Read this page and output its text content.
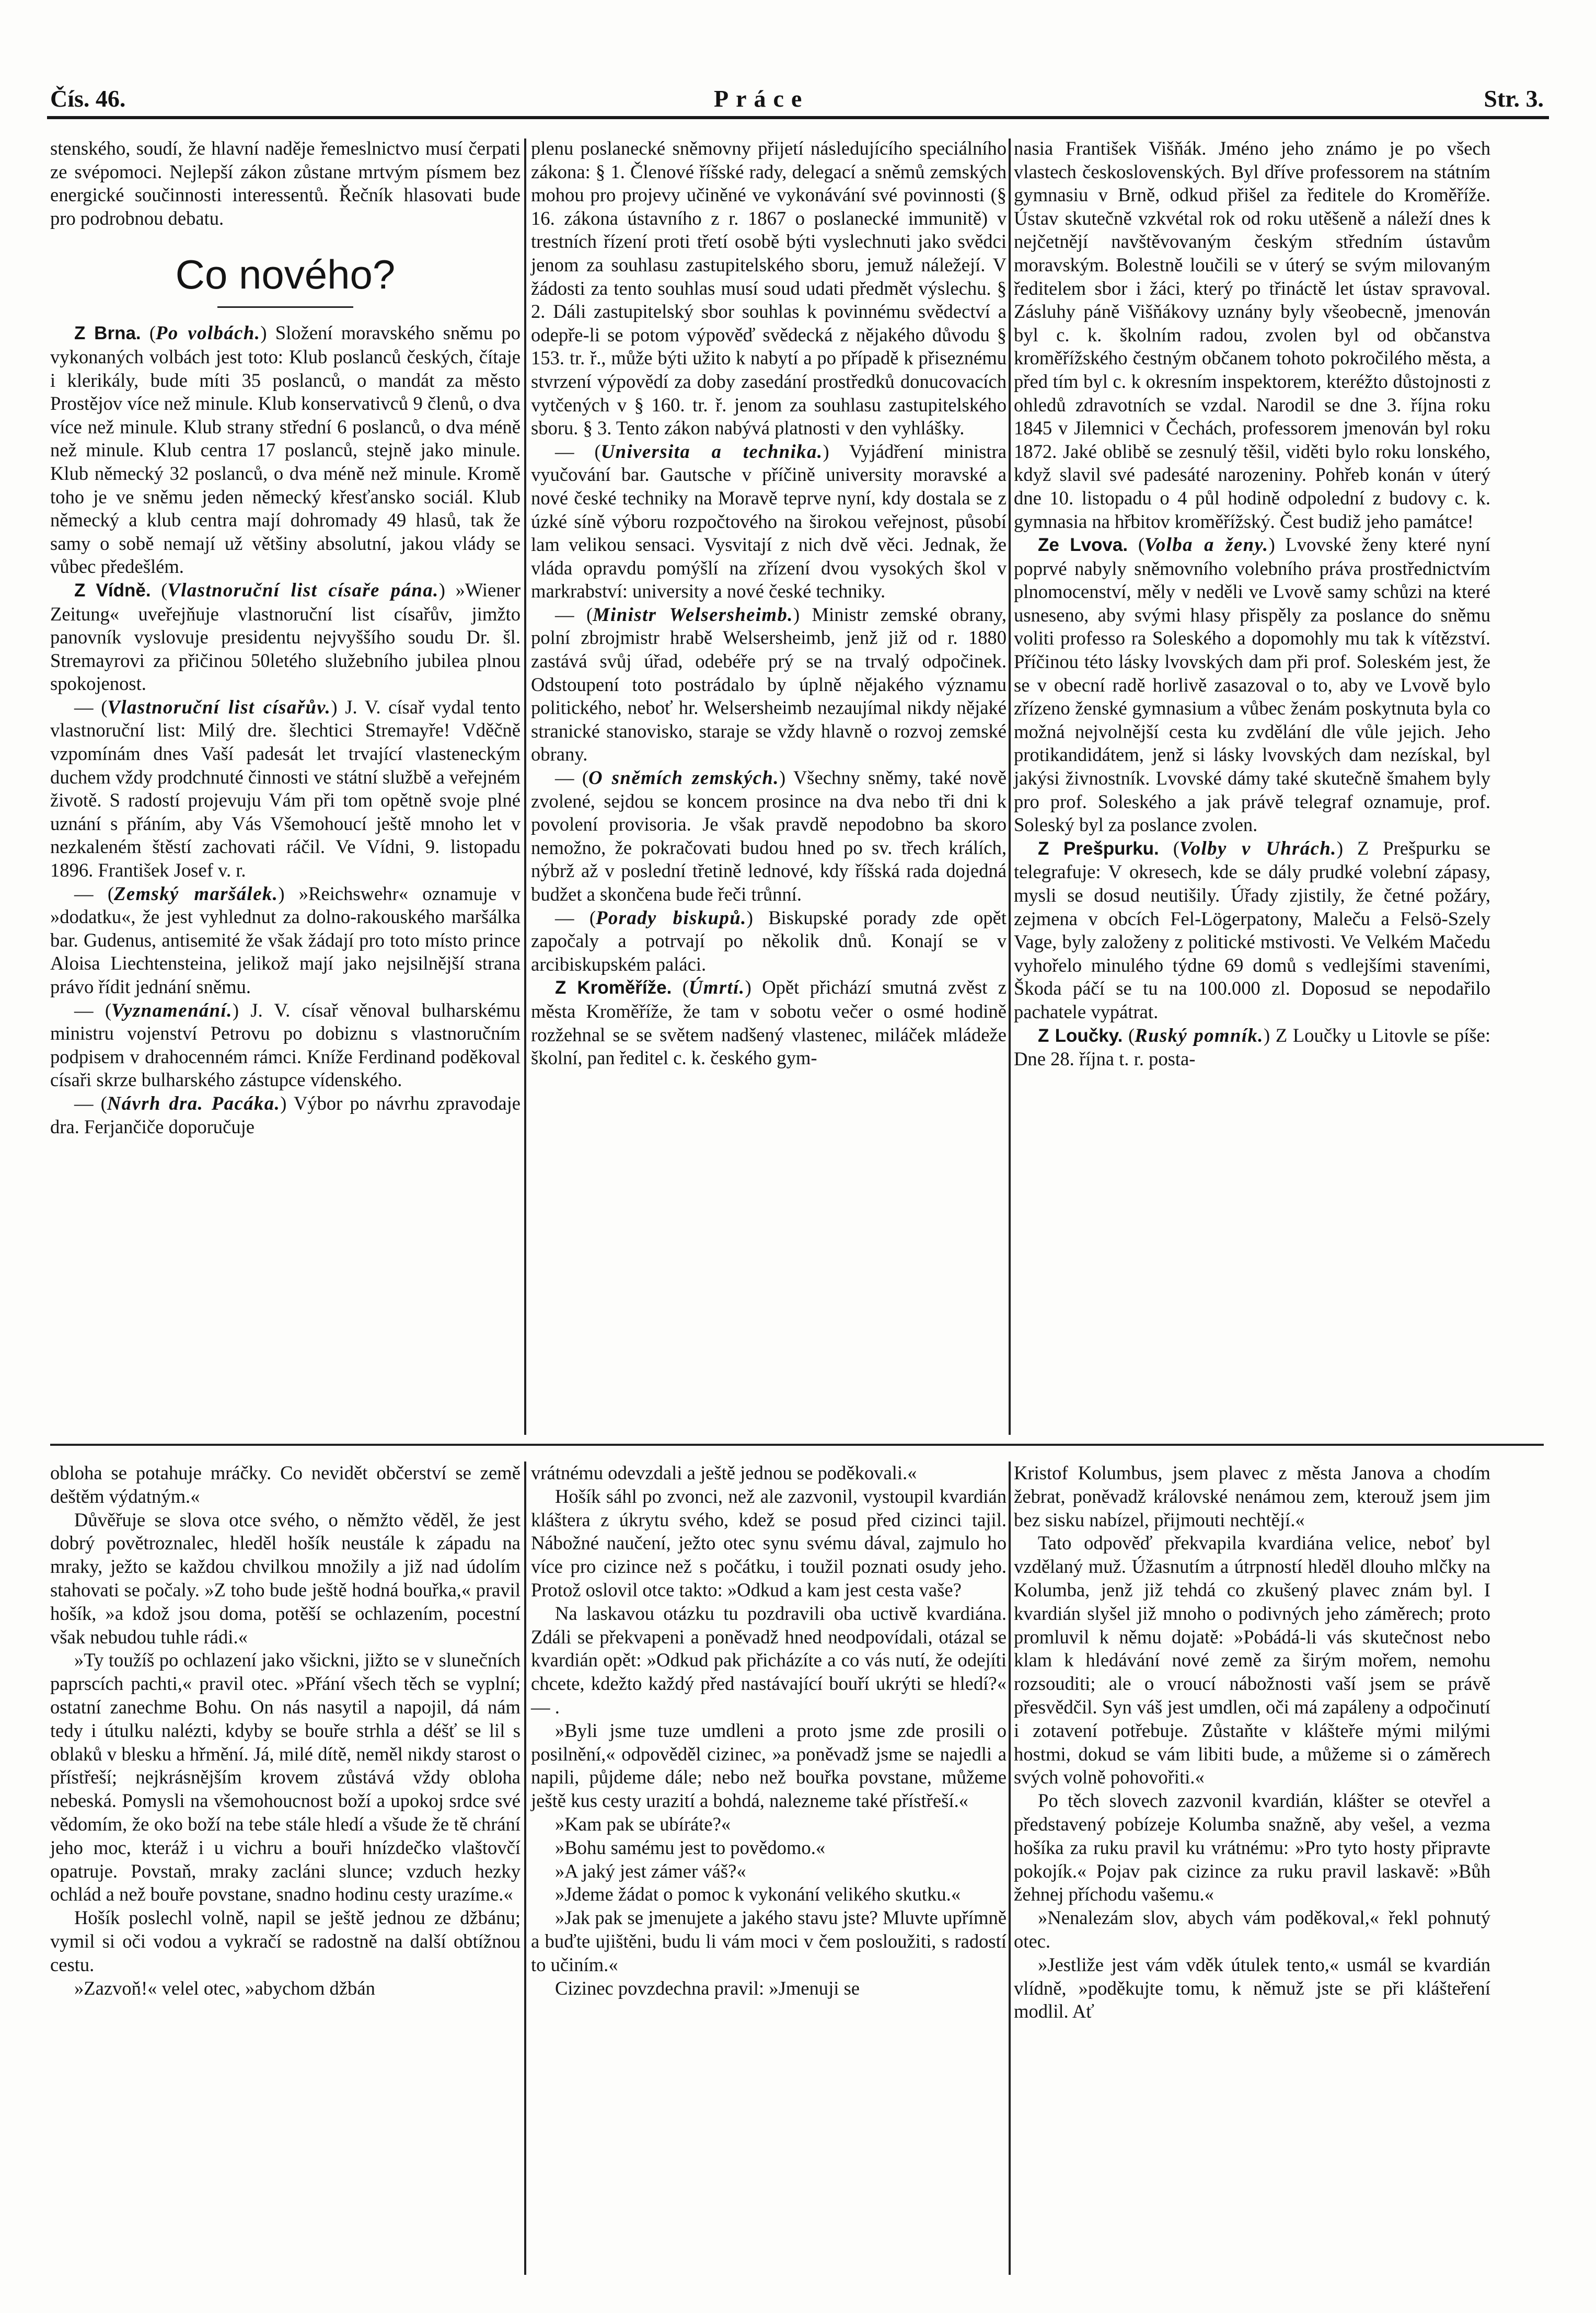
Čís. 46.	Práce	Str. 3.

stenského, soudí, že hlavní naděje řemeslnictvo musí čerpati ze svépomoci. Nejlepší zákon zůstane mrtvým písmem bez energické součinnosti interessentů. Řečník hlasovati bude pro podrobnou debatu.

Co nového?

Z Brna. (Po volbách.) Složení moravského sněmu po vykonaných volbách jest toto: Klub poslanců českých, čítaje i klerikály, bude míti 35 poslanců, o mandát za město Prostějov více než minule. Klub konservativců 9 členů, o dva více než minule. Klub strany střední 6 poslanců, o dva méně než minule. Klub centra 17 poslanců, stejně jako minule. Klub německý 32 poslanců, o dva méně než minule. Kromě toho je ve sněmu jeden německý křesťansko sociál. Klub německý a klub centra mají dohromady 49 hlasů, tak že samy o sobě nemají už většiny absolutní, jakou vlády se vůbec předešlém.

Z Vídně. (Vlastnoruční list císaře pána.) »Wiener Zeitung« uveřejňuje vlastnoruční list císařův, jimžto panovník vyslovuje presidentu nejvyššího soudu Dr. šl. Stremayrovi za přičinou 50letého služebního jubilea plnou spokojenost.

— (Vlastnoruční list císařův.) J. V. císař vydal tento vlastnoruční list: Milý dre. šlechtici Stremayře! Vděčně vzpomínám dnes Vaší padesát let trvající vlasteneckým duchem vždy prodchnuté činnosti ve státní službě a veřejném životě. S radostí projevuju Vám při tom opětně svoje plné uznání s přáním, aby Vás Všemohoucí ještě mnoho let v nezkaleném štěstí zachovati ráčil. Ve Vídni, 9. listopadu 1896. František Josef v. r.

— (Zemský maršálek.) »Reichswehr« oznamuje v »dodatku«, že jest vyhlednut za dolno-rakouského maršálka bar. Gudenus, antisemité že však žádají pro toto místo prince Aloisa Liechtensteina, jelikož mají jako nejsilnější strana právo řídit jednání sněmu.

— (Vyznamenání.) J. V. císař věnoval bulharskému ministru vojenství Petrovu po dobiznu s vlastnoručním podpisem v drahocenném rámci. Kníže Ferdinand poděkoval císaři skrze bulharského zástupce vídenského.

— (Návrh dra. Pacáka.) Výbor po návrhu zpravodaje dra. Ferjančiče doporučuje

plenu poslanecké sněmovny přijetí následujícího speciálního zákona: § 1. Členové říšské rady, delegací a sněmů zemských mohou pro projevy učiněné ve vykonávání své povinnosti (§ 16. zákona ústavního z r. 1867 o poslanecké immunitě) v trestních řízení proti třetí osobě býti vyslechnuti jako svědci jenom za souhlasu zastupitelského sboru, jemuž náležejí. V žádosti za tento souhlas musí soud udati předmět výslechu. § 2. Dáli zastupitelský sbor souhlas k povinnému svědectví a odepře-li se potom výpověď svědecká z nějakého důvodu § 153. tr. ř., může býti užito k nabytí a po případě k přiseznému stvrzení výpovědí za doby zasedání prostředků donucovacích vytčených v § 160. tr. ř. jenom za souhlasu zastupitelského sboru. § 3. Tento zákon nabývá platnosti v den vyhlášky.

— (Universita a technika.) Vyjádření ministra vyučování bar. Gautsche v příčině university moravské a nové české techniky na Moravě teprve nyní, kdy dostala se z úzké síně výboru rozpočtového na širokou veřejnost, působí lam velikou sensaci. Vysvitají z nich dvě věci. Jednak, že vláda opravdu pomýšlí na zřízení dvou vysokých škol v markrabství: university a nové české techniky.

— (Ministr Welsersheimb.) Ministr zemské obrany, polní zbrojmistr hrabě Welsersheimb, jenž již od r. 1880 zastává svůj úřad, odebéře prý se na trvalý odpočinek. Odstoupení toto postrádalo by úplně nějakého významu politického, neboť hr. Welsersheimb nezaujímal nikdy nějaké stranické stanovisko, staraje se vždy hlavně o rozvoj zemské obrany.

— (O sněmích zemských.) Všechny sněmy, také nově zvolené, sejdou se koncem prosince na dva nebo tři dni k povolení provisoria. Je však pravdě nepodobno ba skoro nemožno, že pokračovati budou hned po sv. třech králích, nýbrž až v poslední třetině lednové, kdy říšská rada dojedná budžet a skončena bude řeči trůnní.

— (Porady biskupů.) Biskupské porady zde opět započaly a potrvají po několik dnů. Konají se v arcibiskupském paláci.

Z Kroměříže. (Úmrtí.) Opět přichází smutná zvěst z města Kroměříže, že tam v sobotu večer o osmé hodině rozžehnal se se světem nadšený vlastenec, miláček mládeže školní, pan ředitel c. k. českého gym-

nasia František Višňák. Jméno jeho známo je po všech vlastech československých. Byl dříve professorem na státním gymnasiu v Brně, odkud přišel za ředitele do Kroměříže. Ústav skutečně vzkvétal rok od roku utěšeně a náleží dnes k nejčetnějí navštěvovaným českým středním ústavům moravským. Bolestně loučili se v úterý se svým milovaným ředitelem sbor i žáci, který po třináctě let ústav spravoval. Zásluhy páně Višňákovy uznány byly všeobecně, jmenován byl c. k. školním radou, zvolen byl od občanstva kroměřížského čestným občanem tohoto pokročilého města, a před tím byl c. k okresním inspektorem, kteréžto důstojnosti z ohledů zdravotních se vzdal. Narodil se dne 3. října roku 1845 v Jilemnici v Čechách, professorem jmenován byl roku 1872. Jaké oblibě se zesnulý těšil, viděti bylo roku lonského, když slavil své padesáté narozeniny. Pohřeb konán v úterý dne 10. listopadu o 4 půl hodině odpolední z budovy c. k. gymnasia na hřbitov kroměřížský. Čest budiž jeho památce!

Ze Lvova. (Volba a ženy.) Lvovské ženy které nyní poprvé nabyly sněmovního volebního práva prostřednictvím plnomocenství, měly v neděli ve Lvově samy schůzi na které usneseno, aby svými hlasy přispěly za poslance do sněmu voliti professo ra Soleského a dopomohly mu tak k vítězství. Příčinou této lásky lvovských dam při prof. Soleském jest, že se v obecní radě horlivě zasazoval o to, aby ve Lvově bylo zřízeno ženské gymnasium a vůbec ženám poskytnuta byla co možná nejvolnější cesta ku zvdělání dle vůle jejich. Jeho protikandidátem, jenž si lásky lvovských dam nezískal, byl jakýsi živnostník. Lvovské dámy také skutečně šmahem byly pro prof. Soleského a jak právě telegraf oznamuje, prof. Soleský byl za poslance zvolen.

Z Prešpurku. (Volby v Uhrách.) Z Prešpurku se telegrafuje: V okresech, kde se dály prudké volební zápasy, mysli se dosud neutišily. Úřady zjistily, že četné požáry, zejmena v obcích Fel-Lögerpatony, Maleču a Felsö-Szely Vage, byly založeny z politické mstivosti. Ve Velkém Mačedu vyhořelo minulého týdne 69 domů s vedlejšími staveními, Škoda páčí se tu na 100.000 zl. Doposud se nepodařilo pachatele vypátrat.

Z Loučky. (Ruský pomník.) Z Loučky u Litovle se píše: Dne 28. října t. r. posta-

obloha se potahuje mráčky. Co nevidět občerství se země deštěm výdatným.«

Důvěřuje se slova otce svého, o němžto věděl, že jest dobrý povětroznalec, hleděl hošík neustále k západu na mraky, ježto se každou chvilkou množily a již nad údolím stahovati se počaly. »Z toho bude ještě hodná bouřka,« pravil hošík, »a kdož jsou doma, potěší se ochlazením, pocestní však nebudou tuhle rádi.«

»Ty toužíš po ochlazení jako všickni, jižto se v slunečních paprscích pachti,« pravil otec. »Přání všech těch se vyplní; ostatní zanechme Bohu. On nás nasytil a napojil, dá nám tedy i útulku nalézti, kdyby se bouře strhla a déšť se lil s oblaků v blesku a hřmění. Já, milé dítě, neměl nikdy starost o přístřeší; nejkrásnějším krovem zůstává vždy obloha nebeská. Pomysli na všemohoucnost boží a upokoj srdce své vědomím, že oko boží na tebe stále hledí a všude že tě chrání jeho moc, kteráž i u vichru a bouři hnízdečko vlaštovčí opatruje. Povstaň, mraky zacláni slunce; vzduch hezky ochlád a než bouře povstane, snadno hodinu cesty urazíme.«

Hošík poslechl volně, napil se ještě jednou ze džbánu; vymil si oči vodou a vykračí se radostně na další obtížnou cestu.

»Zazvoň!« velel otec, »abychom džbán

vrátnému odevzdali a ještě jednou se poděkovali.«

Hošík sáhl po zvonci, než ale zazvonil, vystoupil kvardián kláštera z úkrytu svého, kdež se posud před cizinci tajil. Nábožné naučení, ježto otec synu svému dával, zajmulo ho více pro cizince než s počátku, i toužil poznati osudy jeho. Protož oslovil otce takto: »Odkud a kam jest cesta vaše?

Na laskavou otázku tu pozdravili oba uctivě kvardiána. Zdáli se překvapeni a poněvadž hned neodpovídali, otázal se kvardián opět: »Odkud pak přicházíte a co vás nutí, že odejíti chcete, kdežto každý před nastávající bouří ukrýti se hledí?« — .

»Byli jsme tuze umdleni a proto jsme zde prosili o posilnění,« odpověděl cizinec, »a poněvadž jsme se najedli a napili, půjdeme dále; nebo než bouřka povstane, můžeme ještě kus cesty urazití a bohdá, nalezneme také přístřeší.«

»Kam pak se ubíráte?«

»Bohu samému jest to povědomo.«

»A jaký jest zámer váš?«

»Jdeme žádat o pomoc k vykonání velikého skutku.«

»Jak pak se jmenujete a jakého stavu jste? Mluvte upřímně a buďte ujištěni, budu li vám moci v čem posloužiti, s radostí to učiním.«

Cizinec povzdechna pravil: »Jmenuji se

Kristof Kolumbus, jsem plavec z města Janova a chodím žebrat, poněvadž královské nenámou zem, kterouž jsem jim bez sisku nabízel, přijmouti nechtějí.«

Tato odpověď překvapila kvardiána velice, neboť byl vzdělaný muž. Úžasnutím a útrpností hleděl dlouho mlčky na Kolumba, jenž již tehdá co zkušený plavec znám byl. I kvardián slyšel již mnoho o podivných jeho záměrech; proto promluvil k němu dojatě: »Pobádá-li vás skutečnost nebo klam k hledávání nové země za širým mořem, nemohu rozsouditi; ale o vroucí nábožnosti vaší jsem se právě přesvědčil. Syn váš jest umdlen, oči má zapáleny a odpočinutí i zotavení potřebuje. Zůstaňte v klášteře mými milými hostmi, dokud se vám libiti bude, a můžeme si o záměrech svých volně pohovořiti.«

Po těch slovech zazvonil kvardián, klášter se otevřel a představený pobízeje Kolumba snažně, aby vešel, a vezma hošíka za ruku pravil ku vrátnému: »Pro tyto hosty připravte pokojík.« Pojav pak cizince za ruku pravil laskavě: »Bůh žehnej příchodu vašemu.«

»Nenalezám slov, abych vám poděkoval,« řekl pohnutý otec.

»Jestliže jest vám vděk útulek tento,« usmál se kvardián vlídně, »poděkujte tomu, k němuž jste se při klášteření modlil. Ať
